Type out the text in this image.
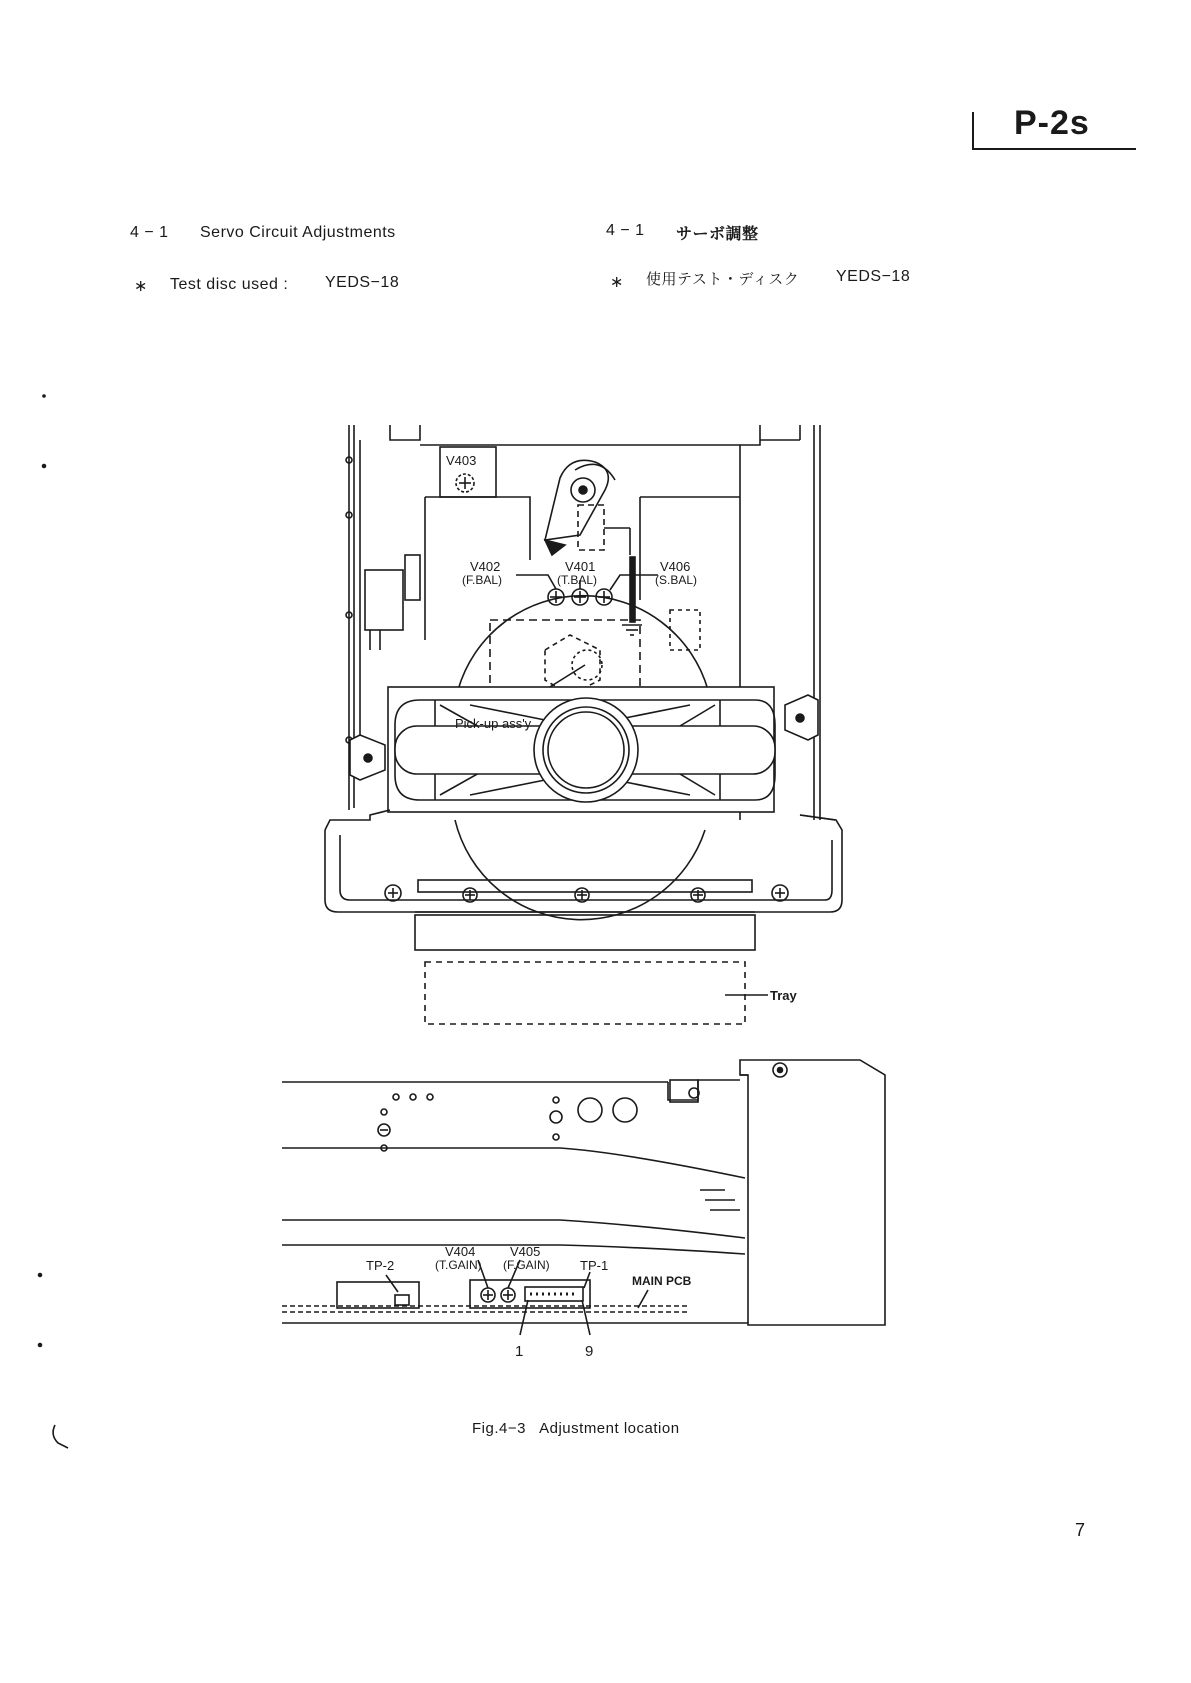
P-2s
4 − 1 Servo Circuit Adjustments
∗ Test disc used : YEDS−18
4 − 1 サーボ調整
∗ 使用テスト・ディスク YEDS−18
V403
V402
(F.BAL)
V401
(T.BAL)
V406
(S.BAL)
Pick-up ass'y
Tray
TP-2
V404
(T.GAIN)
V405
(F.GAIN) TP-1
MAIN PCB
1	9
Fig.4−3   Adjustment location
7
